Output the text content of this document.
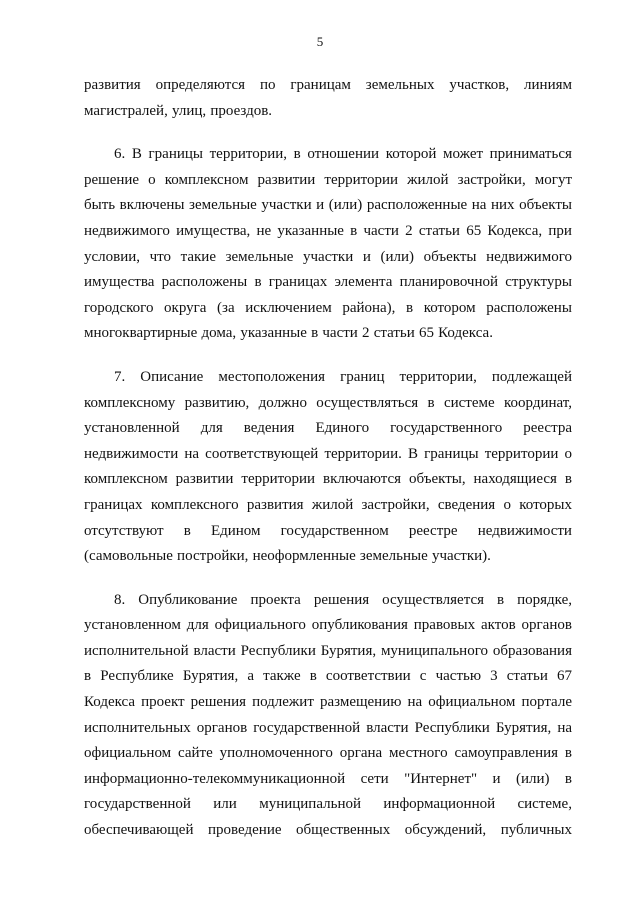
5
развития определяются по границам земельных участков, линиям
магистралей, улиц, проездов.
6. В границы территории, в отношении которой может приниматься
решение о комплексном развитии территории жилой застройки, могут
быть включены земельные участки и (или) расположенные на них объекты
недвижимого имущества, не указанные в части 2 статьи 65 Кодекса, при
условии, что такие земельные участки и (или) объекты недвижимого
имущества расположены в границах элемента планировочной структуры
городского округа (за исключением района), в котором расположены
многоквартирные дома, указанные в части 2 статьи 65 Кодекса.
7. Описание местоположения границ территории, подлежащей
комплексному развитию, должно осуществляться в системе координат,
установленной для ведения Единого государственного реестра
недвижимости на соответствующей территории. В границы территории о
комплексном развитии территории включаются объекты, находящиеся в
границах комплексного развития жилой застройки, сведения о которых
отсутствуют в Едином государственном реестре недвижимости
(самовольные постройки, неоформленные земельные участки).
8. Опубликование проекта решения осуществляется в порядке,
установленном для официального опубликования правовых актов органов
исполнительной власти Республики Бурятия, муниципального образования
в Республике Бурятия, а также в соответствии с частью 3 статьи 67
Кодекса проект решения подлежит размещению на официальном портале
исполнительных органов государственной власти Республики Бурятия, на
официальном сайте уполномоченного органа местного самоуправления в
информационно-телекоммуникационной сети "Интернет" и (или) в
государственной или муниципальной информационной системе,
обеспечивающей проведение общественных обсуждений, публичных
